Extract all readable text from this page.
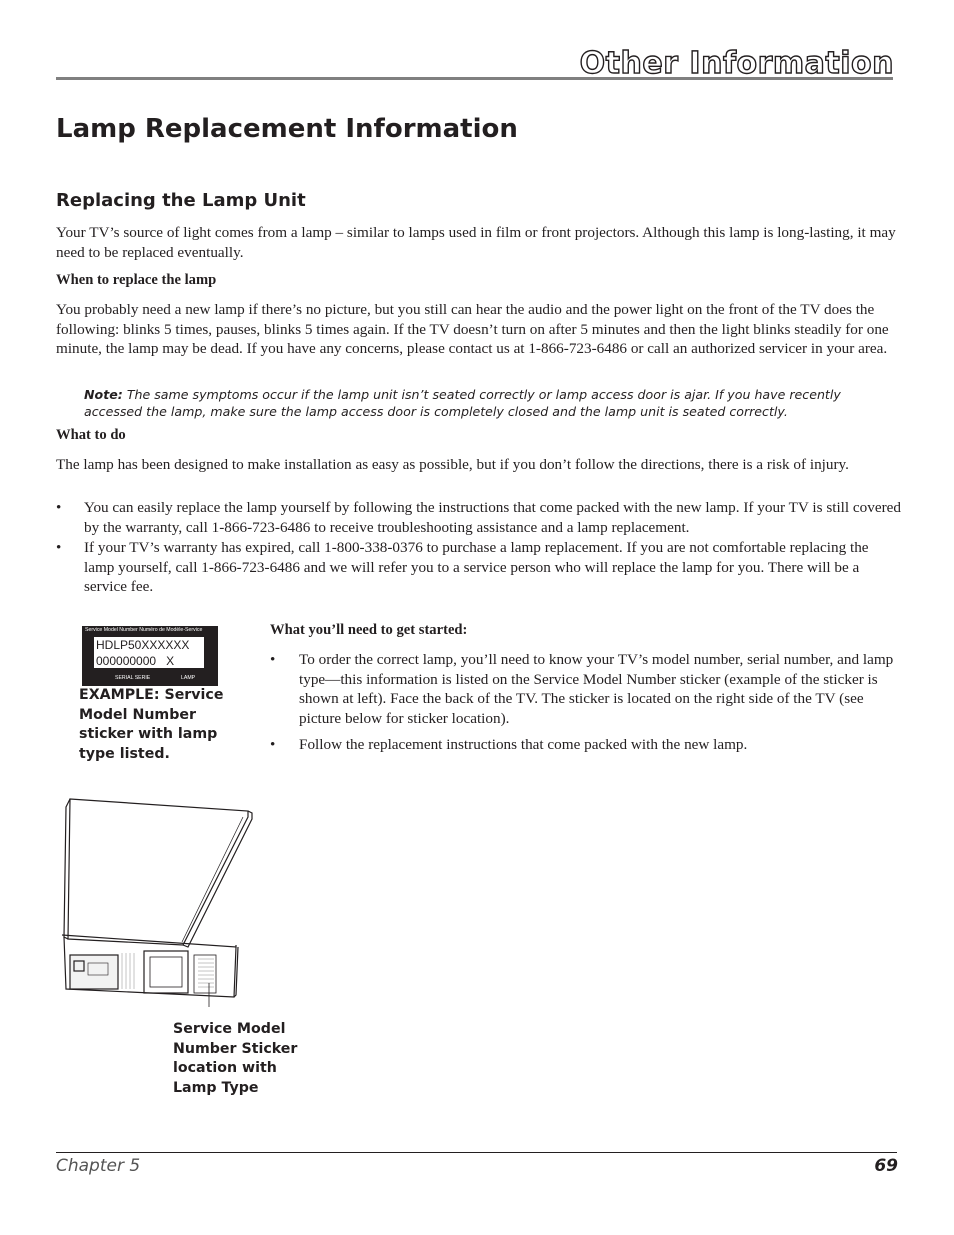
Other Information
Lamp Replacement Information
Replacing the Lamp Unit

Your TV’s source of light comes from a lamp – similar to lamps used in film or front projectors. Although this lamp is long-lasting, it may need to be replaced eventually.

When to replace the lamp

You probably need a new lamp if there’s no picture, but you still can hear the audio and the power light on the front of the TV does the following: blinks 5 times, pauses, blinks 5 times again. If the TV doesn’t turn on after 5 minutes and then the light blinks steadily for one minute, the lamp may be dead. If you have any concerns, please contact us at 1-866-723-6486 or call an authorized servicer in your area.

Note: The same symptoms occur if the lamp unit isn’t seated correctly or lamp access door is ajar. If you have recently accessed the lamp, make sure the lamp access door is completely closed and the lamp unit is seated correctly.

What to do

The lamp has been designed to make installation as easy as possible, but if you don’t follow the directions, there is a risk of injury.

•	You can easily replace the lamp yourself by following the instructions that come packed with the new lamp. If your TV is still covered by the warranty, call 1-866-723-6486 to receive troubleshooting assistance and a lamp replacement.
•	If your TV’s warranty has expired, call 1-800-338-0376 to purchase a lamp replacement. If you are not comfortable replacing the lamp yourself, call 1-866-723-6486 and we will refer you to a service person who will replace the lamp for you. There will be a service fee.
Service Model Number Numéro de Modèle-Service
HDLP50XXXXXX
000000000 X
SERIAL SERIE	LAMP

EXAMPLE: Service Model Number sticker with lamp type listed.

What you’ll need to get started:

• To order the correct lamp, you’ll need to know your TV’s model number, serial number, and lamp type—this information is listed on the Service Model Number sticker (example of the sticker is shown at left). Face the back of the TV. The sticker is located on the right side of the TV (see picture below for sticker location).
• Follow the replacement instructions that come packed with the new lamp.

Service Model Number Sticker location with Lamp Type

Chapter 5	69
